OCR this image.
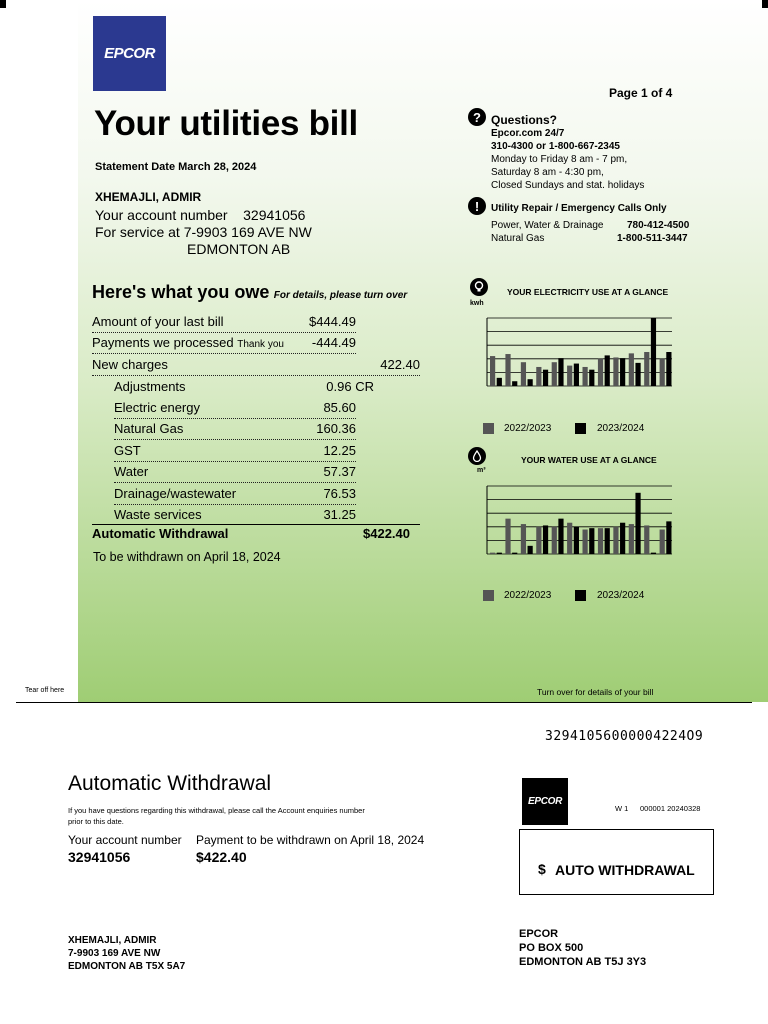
EPCOR
Page 1 of 4
Your utilities bill
Statement Date March 28, 2024
XHEMAJLI, ADMIR
Your account number 32941056
For service at 7-9903 169 AVE NW
EDMONTON AB
? Questions?
Epcor.com 24/7
310-4300 or 1-800-667-2345
Monday to Friday 8 am - 7 pm,
Saturday 8 am - 4:30 pm,
Closed Sundays and stat. holidays
!	Utility Repair / Emergency Calls Only
Power, Water & Drainage 780-412-4500
Natural Gas	1-800-511-3447
Here's what you owe For details, please turn over
Amount of your last bill	$444.49
Payments we processed Thank you -444.49
New charges	422.40
Adjustments	0.96 CR
Electric energy	85.60
Natural Gas	160.36
GST	12.25
Water	57.37
Drainage/wastewater	76.53
Waste services	31.25
Automatic Withdrawal	$422.40
To be withdrawn on April 18, 2024
kwh
YOUR ELECTRICITY USE AT A GLANCE
2022/2023	2023/2024
m³
YOUR WATER USE AT A GLANCE
2022/2023	2023/2024
Tear off here	Turn over for details of your bill
32941056000004224O9
Automatic Withdrawal
If you have questions regarding this withdrawal, please call the Account enquiries number
prior to this date.
Your account number
32941056
Payment to be withdrawn on April 18, 2024
$422.40
EPCOR
W 1 000001 20240328
$ AUTO WITHDRAWAL
XHEMAJLI, ADMIR
7-9903 169 AVE NW
EDMONTON AB T5X 5A7
EPCOR
PO BOX 500
EDMONTON AB T5J 3Y3
